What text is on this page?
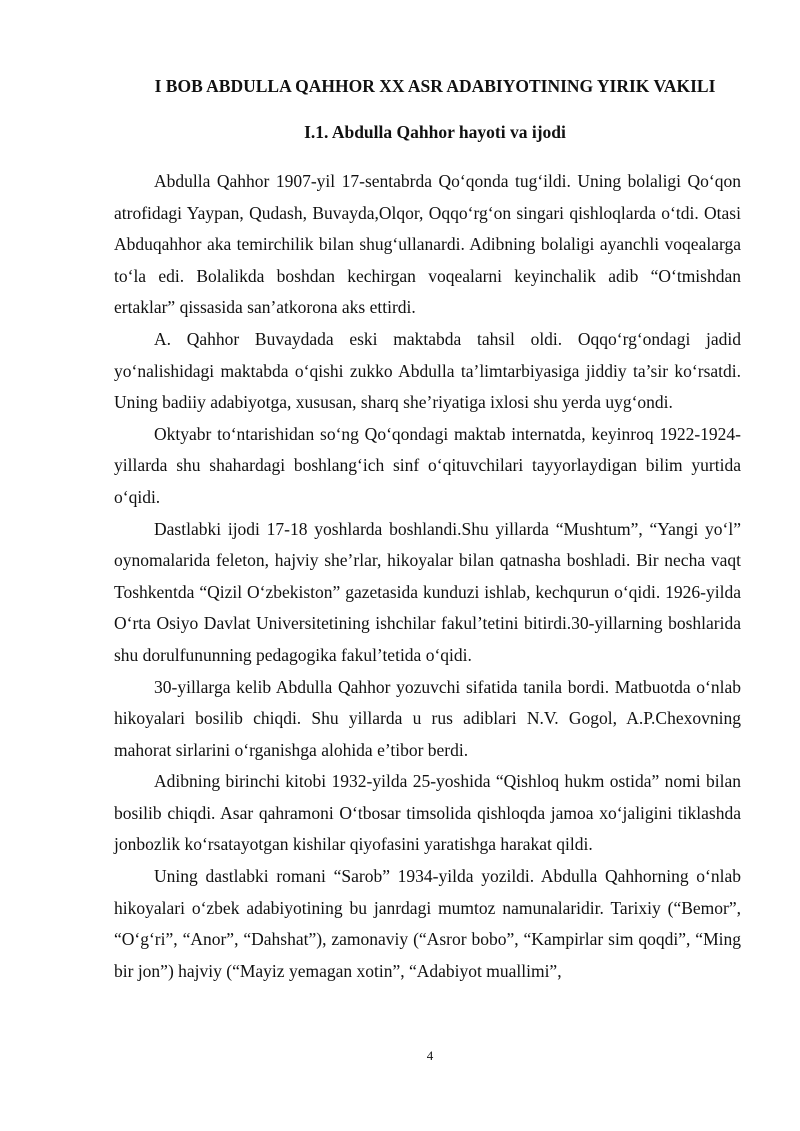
I BOB ABDULLA QAHHOR XX ASR ADABIYOTINING YIRIK VAKILI
I.1. Abdulla Qahhor hayoti va ijodi

Abdulla Qahhor 1907-yil 17-sentabrda Qo‘qonda tug‘ildi. Uning bolaligi Qo‘qon atrofidagi Yaypan, Qudash, Buvayda,Olqor, Oqqo‘rg‘on singari qishloqlarda o‘tdi. Otasi Abduqahhor aka temirchilik bilan shug‘ullanardi. Adibning bolaligi ayanchli voqealarga to‘la edi. Bolalikda boshdan kechirgan voqealarni keyinchalik adib “O‘tmishdan ertaklar” qissasida san’atkorona aks ettirdi.

A. Qahhor Buvaydada eski maktabda tahsil oldi. Oqqo‘rg‘ondagi jadid yo‘nalishidagi maktabda o‘qishi zukko Abdulla ta’limtarbiyasiga jiddiy ta’sir ko‘rsatdi. Uning badiiy adabiyotga, xususan, sharq she’riyatiga ixlosi shu yerda uyg‘ondi.

Oktyabr to‘ntarishidan so‘ng Qo‘qondagi maktab internatda, keyinroq 1922-1924-yillarda shu shahardagi boshlang‘ich sinf o‘qituvchilari tayyorlaydigan bilim yurtida o‘qidi.

Dastlabki ijodi 17-18 yoshlarda boshlandi.Shu yillarda “Mushtum”, “Yangi yo‘l” oynomalarida feleton, hajviy she’rlar, hikoyalar bilan qatnasha boshladi. Bir necha vaqt Toshkentda “Qizil O‘zbekiston” gazetasida kunduzi ishlab, kechqurun o‘qidi. 1926-yilda O‘rta Osiyo Davlat Universitetining ishchilar fakul’tetini bitirdi.30-yillarning boshlarida shu dorulfununning pedagogika fakul’tetida o‘qidi.

30-yillarga kelib Abdulla Qahhor yozuvchi sifatida tanila bordi. Matbuotda o‘nlab hikoyalari bosilib chiqdi. Shu yillarda u rus adiblari N.V. Gogol, A.P.Chexovning mahorat sirlarini o‘rganishga alohida e’tibor berdi.

Adibning birinchi kitobi 1932-yilda 25-yoshida “Qishloq hukm ostida” nomi bilan bosilib chiqdi. Asar qahramoni O‘tbosar timsolida qishloqda jamoa xo‘jaligini tiklashda jonbozlik ko‘rsatayotgan kishilar qiyofasini yaratishga harakat qildi.

Uning dastlabki romani “Sarob” 1934-yilda yozildi. Abdulla Qahhorning o‘nlab hikoyalari o‘zbek adabiyotining bu janrdagi mumtoz namunalaridir. Tarixiy (“Bemor”, “O‘g‘ri”, “Anor”, “Dahshat”), zamonaviy (“Asror bobo”, “Kampirlar sim qoqdi”, “Ming bir jon”) hajviy (“Mayiz yemagan xotin”, “Adabiyot muallimi”,

4
